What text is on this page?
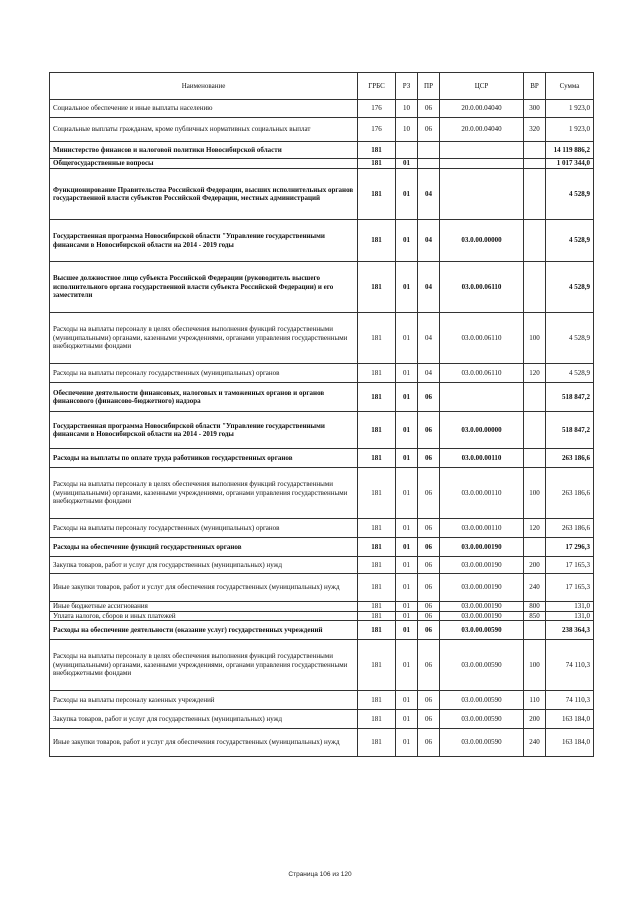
Наименование	ГРБС	РЗ	ПР	ЦСР	ВР	Сумма
Социальное обеспечение и иные выплаты населению	176	10	06	20.0.00.04040	300	1 923,0
Социальные выплаты гражданам, кроме публичных нормативных социальных выплат	176	10	06	20.0.00.04040	320	1 923,0
Министерство финансов и налоговой политики Новосибирской области	181					14 119 886,2
Общегосударственные вопросы	181	01				1 017 344,0
Функционирование Правительства Российской Федерации, высших исполнительных органов государственной власти субъектов Российской Федерации, местных администраций	181	01	04			4 528,9
Государственная программа Новосибирской области "Управление государственными финансами в Новосибирской области на 2014 - 2019 годы	181	01	04	03.0.00.00000		4 528,9
Высшее должностное лицо субъекта Российской Федерации (руководитель высшего исполнительного органа государственной власти субъекта Российской Федерации) и его заместители	181	01	04	03.0.00.06110		4 528,9
Расходы на выплаты персоналу в целях обеспечения выполнения функций государственными (муниципальными) органами, казенными учреждениями, органами управления государственными внебюджетными фондами	181	01	04	03.0.00.06110	100	4 528,9
Расходы на выплаты персоналу государственных (муниципальных) органов	181	01	04	03.0.00.06110	120	4 528,9
Обеспечение деятельности финансовых, налоговых и таможенных органов и органов финансового (финансово-бюджетного) надзора	181	01	06			518 847,2
Государственная программа Новосибирской области "Управление государственными финансами в Новосибирской области на 2014 - 2019 годы	181	01	06	03.0.00.00000		518 847,2
Расходы на выплаты по оплате труда работников государственных органов	181	01	06	03.0.00.00110		263 186,6
Расходы на выплаты персоналу в целях обеспечения выполнения функций государственными (муниципальными) органами, казенными учреждениями, органами управления государственными внебюджетными фондами	181	01	06	03.0.00.00110	100	263 186,6
Расходы на выплаты персоналу государственных (муниципальных) органов	181	01	06	03.0.00.00110	120	263 186,6
Расходы на обеспечение функций государственных органов	181	01	06	03.0.00.00190		17 296,3
Закупка товаров, работ и услуг для государственных (муниципальных) нужд	181	01	06	03.0.00.00190	200	17 165,3
Иные закупки товаров, работ и услуг для обеспечения государственных (муниципальных) нужд	181	01	06	03.0.00.00190	240	17 165,3
Иные бюджетные ассигнования	181	01	06	03.0.00.00190	800	131,0
Уплата налогов, сборов и иных платежей	181	01	06	03.0.00.00190	850	131,0
Расходы на обеспечение деятельности (оказание услуг) государственных учреждений	181	01	06	03.0.00.00590		238 364,3
Расходы на выплаты персоналу в целях обеспечения выполнения функций государственными (муниципальными) органами, казенными учреждениями, органами управления государственными внебюджетными фондами	181	01	06	03.0.00.00590	100	74 110,3
Расходы на выплаты персоналу казенных учреждений	181	01	06	03.0.00.00590	110	74 110,3
Закупка товаров, работ и услуг для государственных (муниципальных) нужд	181	01	06	03.0.00.00590	200	163 184,0
Иные закупки товаров, работ и услуг для обеспечения государственных (муниципальных) нужд	181	01	06	03.0.00.00590	240	163 184,0
Страница 106 из 120
